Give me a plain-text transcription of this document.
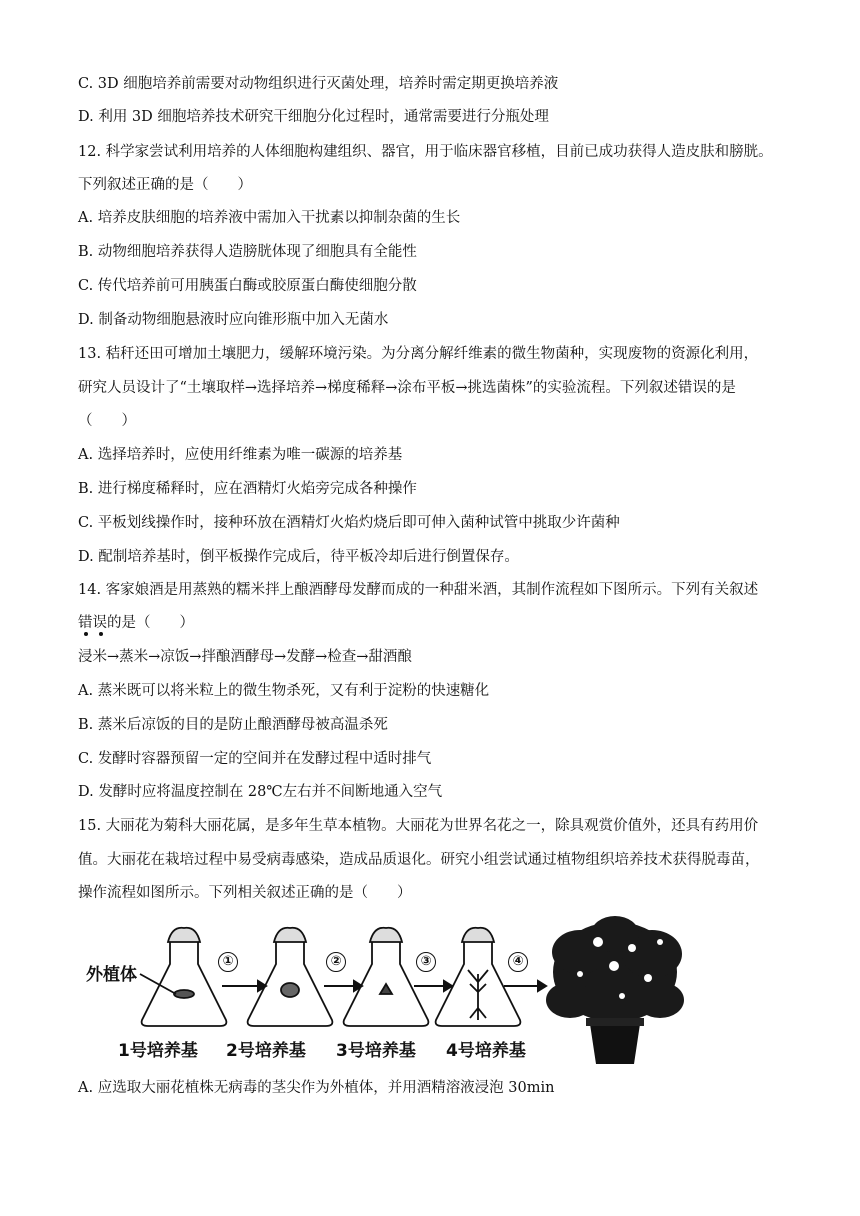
C. 3D 细胞培养前需要对动物组织进行灭菌处理，培养时需定期更换培养液
D. 利用 3D 细胞培养技术研究干细胞分化过程时，通常需要进行分瓶处理
12. 科学家尝试利用培养的人体细胞构建组织、器官，用于临床器官移植，目前已成功获得人造皮肤和膀胱。
下列叙述正确的是（　　）
A. 培养皮肤细胞的培养液中需加入干扰素以抑制杂菌的生长
B. 动物细胞培养获得人造膀胱体现了细胞具有全能性
C. 传代培养前可用胰蛋白酶或胶原蛋白酶使细胞分散
D. 制备动物细胞悬液时应向锥形瓶中加入无菌水
13. 秸秆还田可增加土壤肥力，缓解环境污染。为分离分解纤维素的微生物菌种，实现废物的资源化利用，
研究人员设计了“土壤取样→选择培养→梯度稀释→涂布平板→挑选菌株”的实验流程。下列叙述错误的是
（　　）
A. 选择培养时，应使用纤维素为唯一碳源的培养基
B. 进行梯度稀释时，应在酒精灯火焰旁完成各种操作
C. 平板划线操作时，接种环放在酒精灯火焰灼烧后即可伸入菌种试管中挑取少许菌种
D. 配制培养基时，倒平板操作完成后，待平板冷却后进行倒置保存。
14. 客家娘酒是用蒸熟的糯米拌上酿酒酵母发酵而成的一种甜米酒，其制作流程如下图所示。下列有关叙述
错误的是（　　）
浸米→蒸米→凉饭→拌酿酒酵母→发酵→检查→甜酒酿
A. 蒸米既可以将米粒上的微生物杀死，又有利于淀粉的快速糖化
B. 蒸米后凉饭的目的是防止酿酒酵母被高温杀死
C. 发酵时容器预留一定的空间并在发酵过程中适时排气
D. 发酵时应将温度控制在 28℃左右并不间断地通入空气
15. 大丽花为菊科大丽花属，是多年生草本植物。大丽花为世界名花之一，除具观赏价值外，还具有药用价
值。大丽花在栽培过程中易受病毒感染，造成品质退化。研究小组尝试通过植物组织培养技术获得脱毒苗，
操作流程如图所示。下列相关叙述正确的是（　　）
外植体
①	②	③	④
1号培养基 2号培养基 3号培养基 4号培养基
A. 应选取大丽花植株无病毒的茎尖作为外植体，并用酒精溶液浸泡 30min
